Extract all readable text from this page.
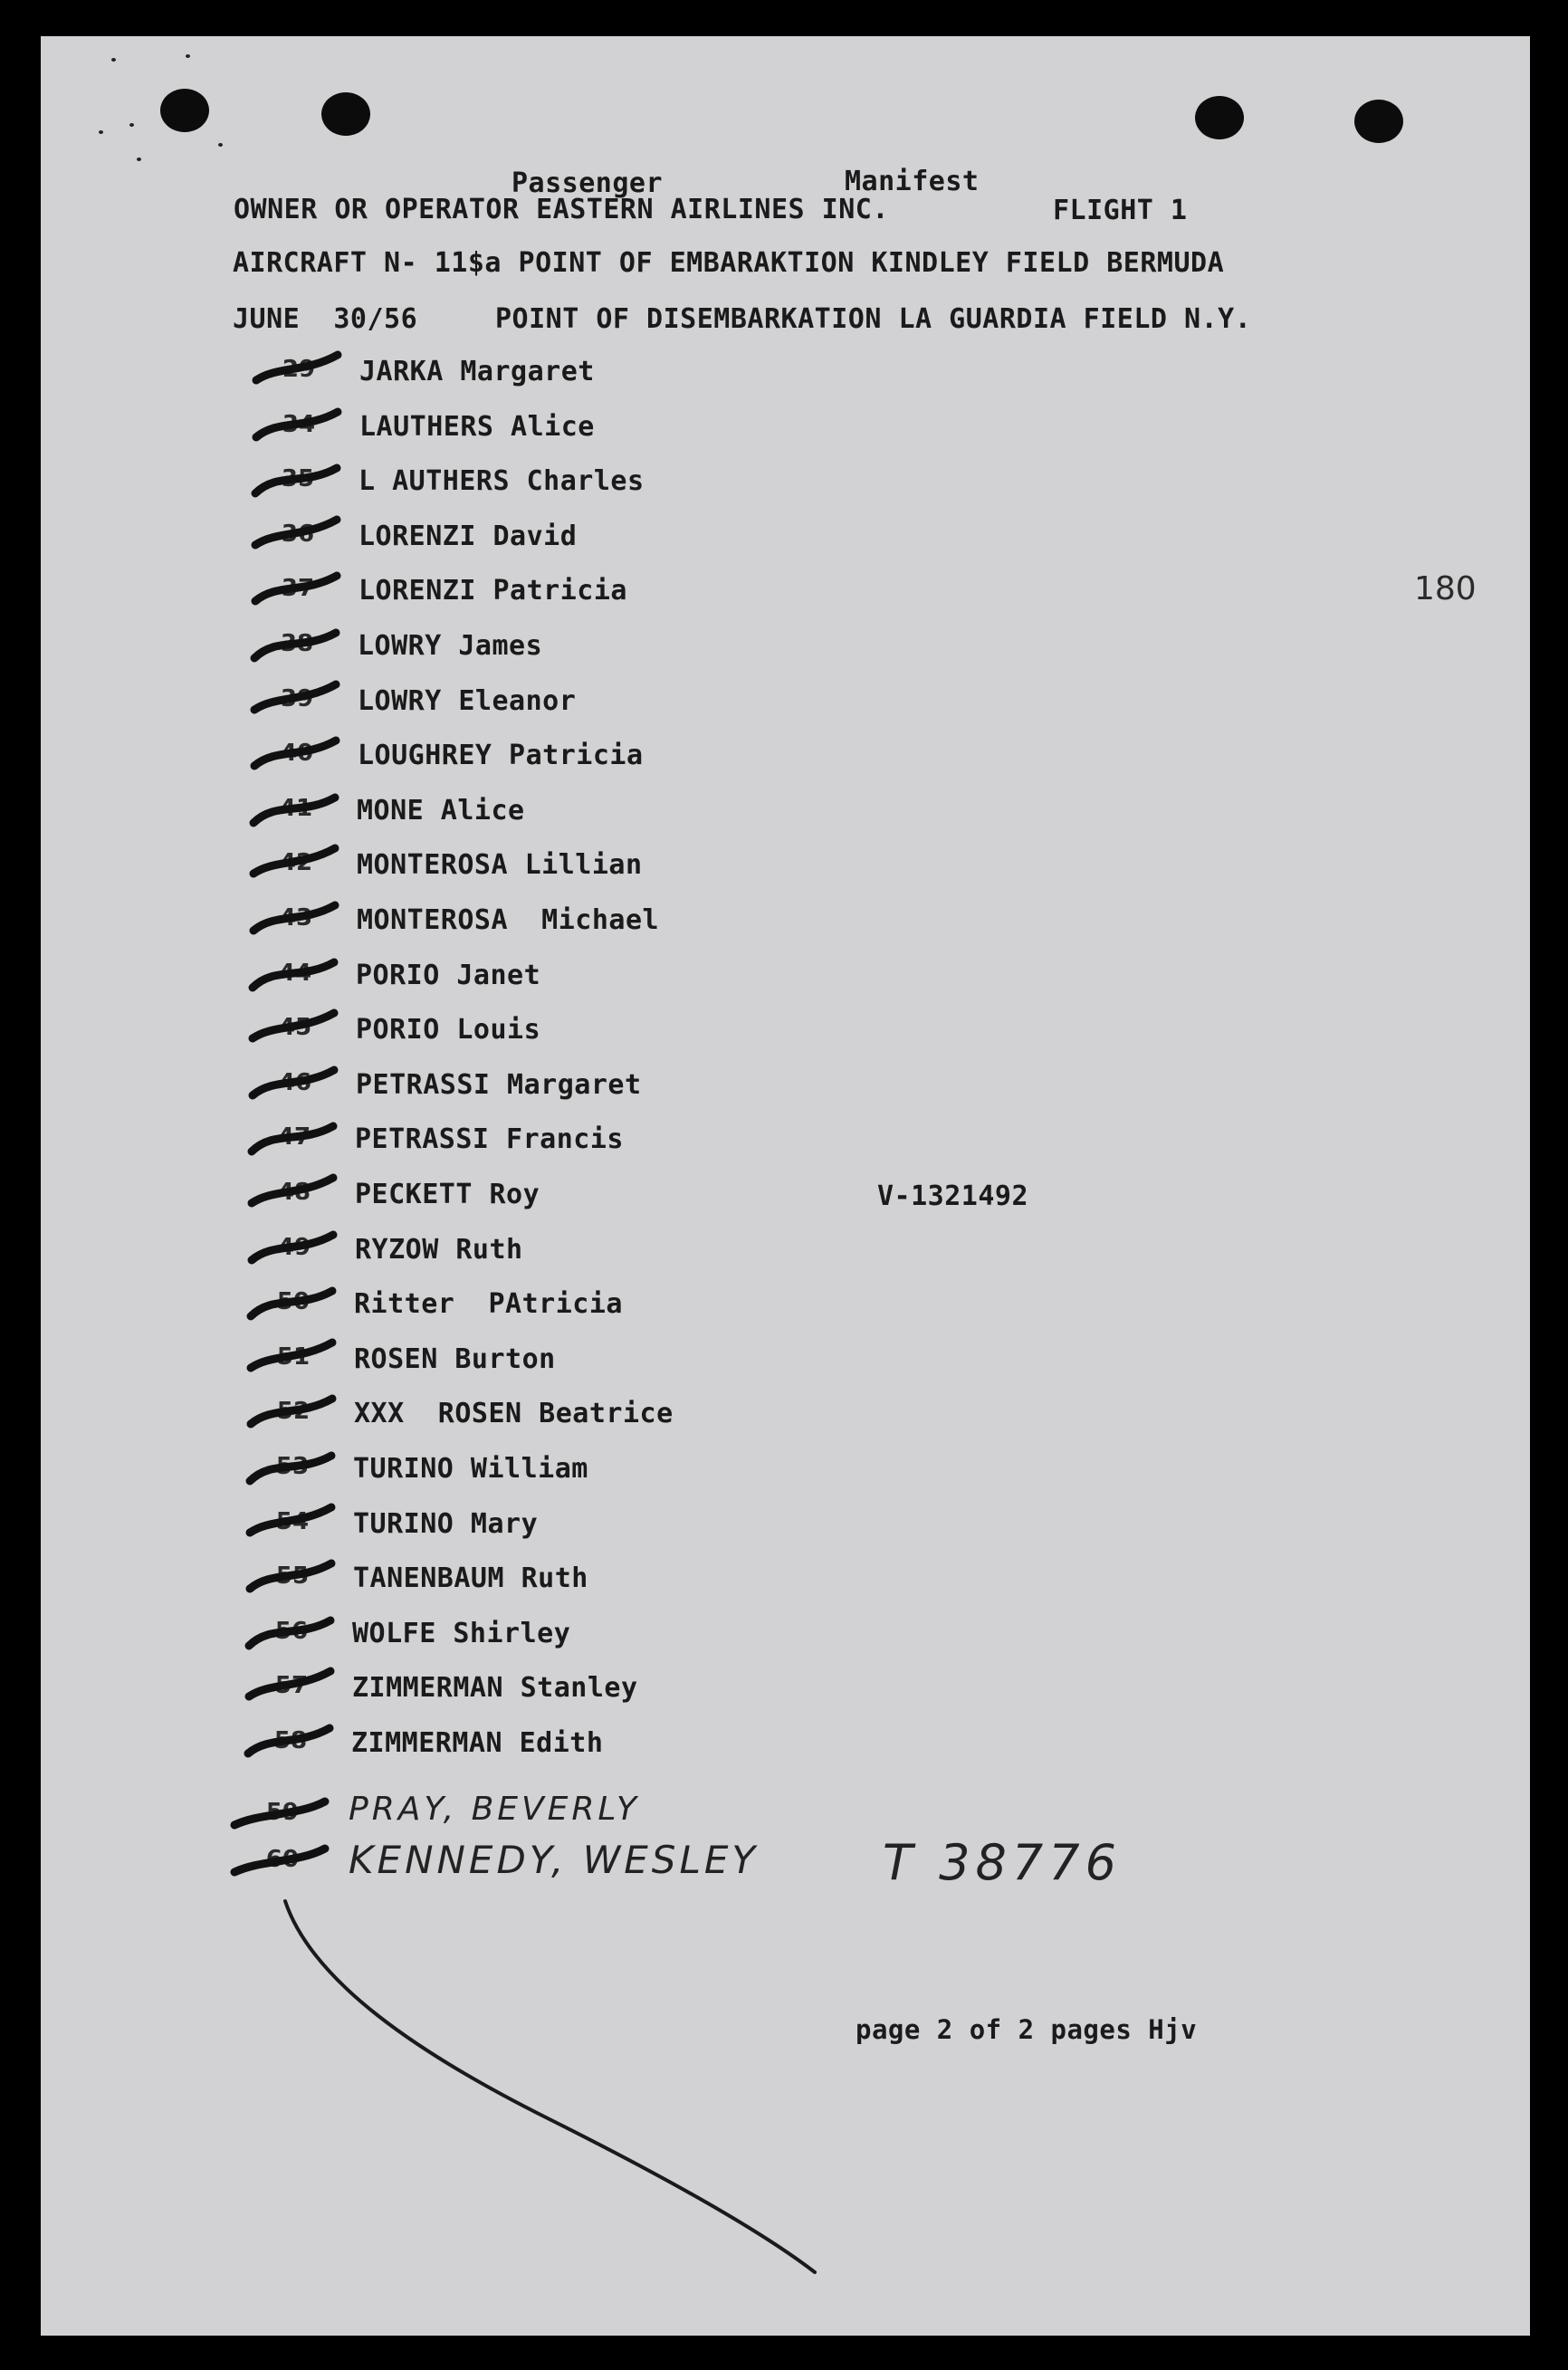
Passenger	Manifest
OWNER OR OPERATOR EASTERN AIRLINES INC.	FLIGHT 1
AIRCRAFT N- 11$a POINT OF EMBARAKTION KINDLEY FIELD BERMUDA
JUNE  30/56	POINT OF DISEMBARKATION LA GUARDIA FIELD N.Y.
180
29	JARKA Margaret
34	LAUTHERS Alice
35	L AUTHERS Charles
36	LORENZI David
37	LORENZI Patricia
38	LOWRY James
39	LOWRY Eleanor
40	LOUGHREY Patricia
41	MONE Alice
42	MONTEROSA Lillian
43	MONTEROSA  Michael
44	PORIO Janet
45	PORIO Louis
46	PETRASSI Margaret
47	PETRASSI Francis
48	PECKETT Roy	V-1321492
49	RYZOW Ruth
50	Ritter  PAtricia
51	ROSEN Burton
52	XXX  ROSEN Beatrice
53	TURINO William
54	TURINO Mary
55	TANENBAUM Ruth
56	WOLFE Shirley
57	ZIMMERMAN Stanley
58	ZIMMERMAN Edith
59	PRAY, BEVERLY
60	KENNEDY, WESLEY	T 38776
page 2 of 2 pages Hjv
